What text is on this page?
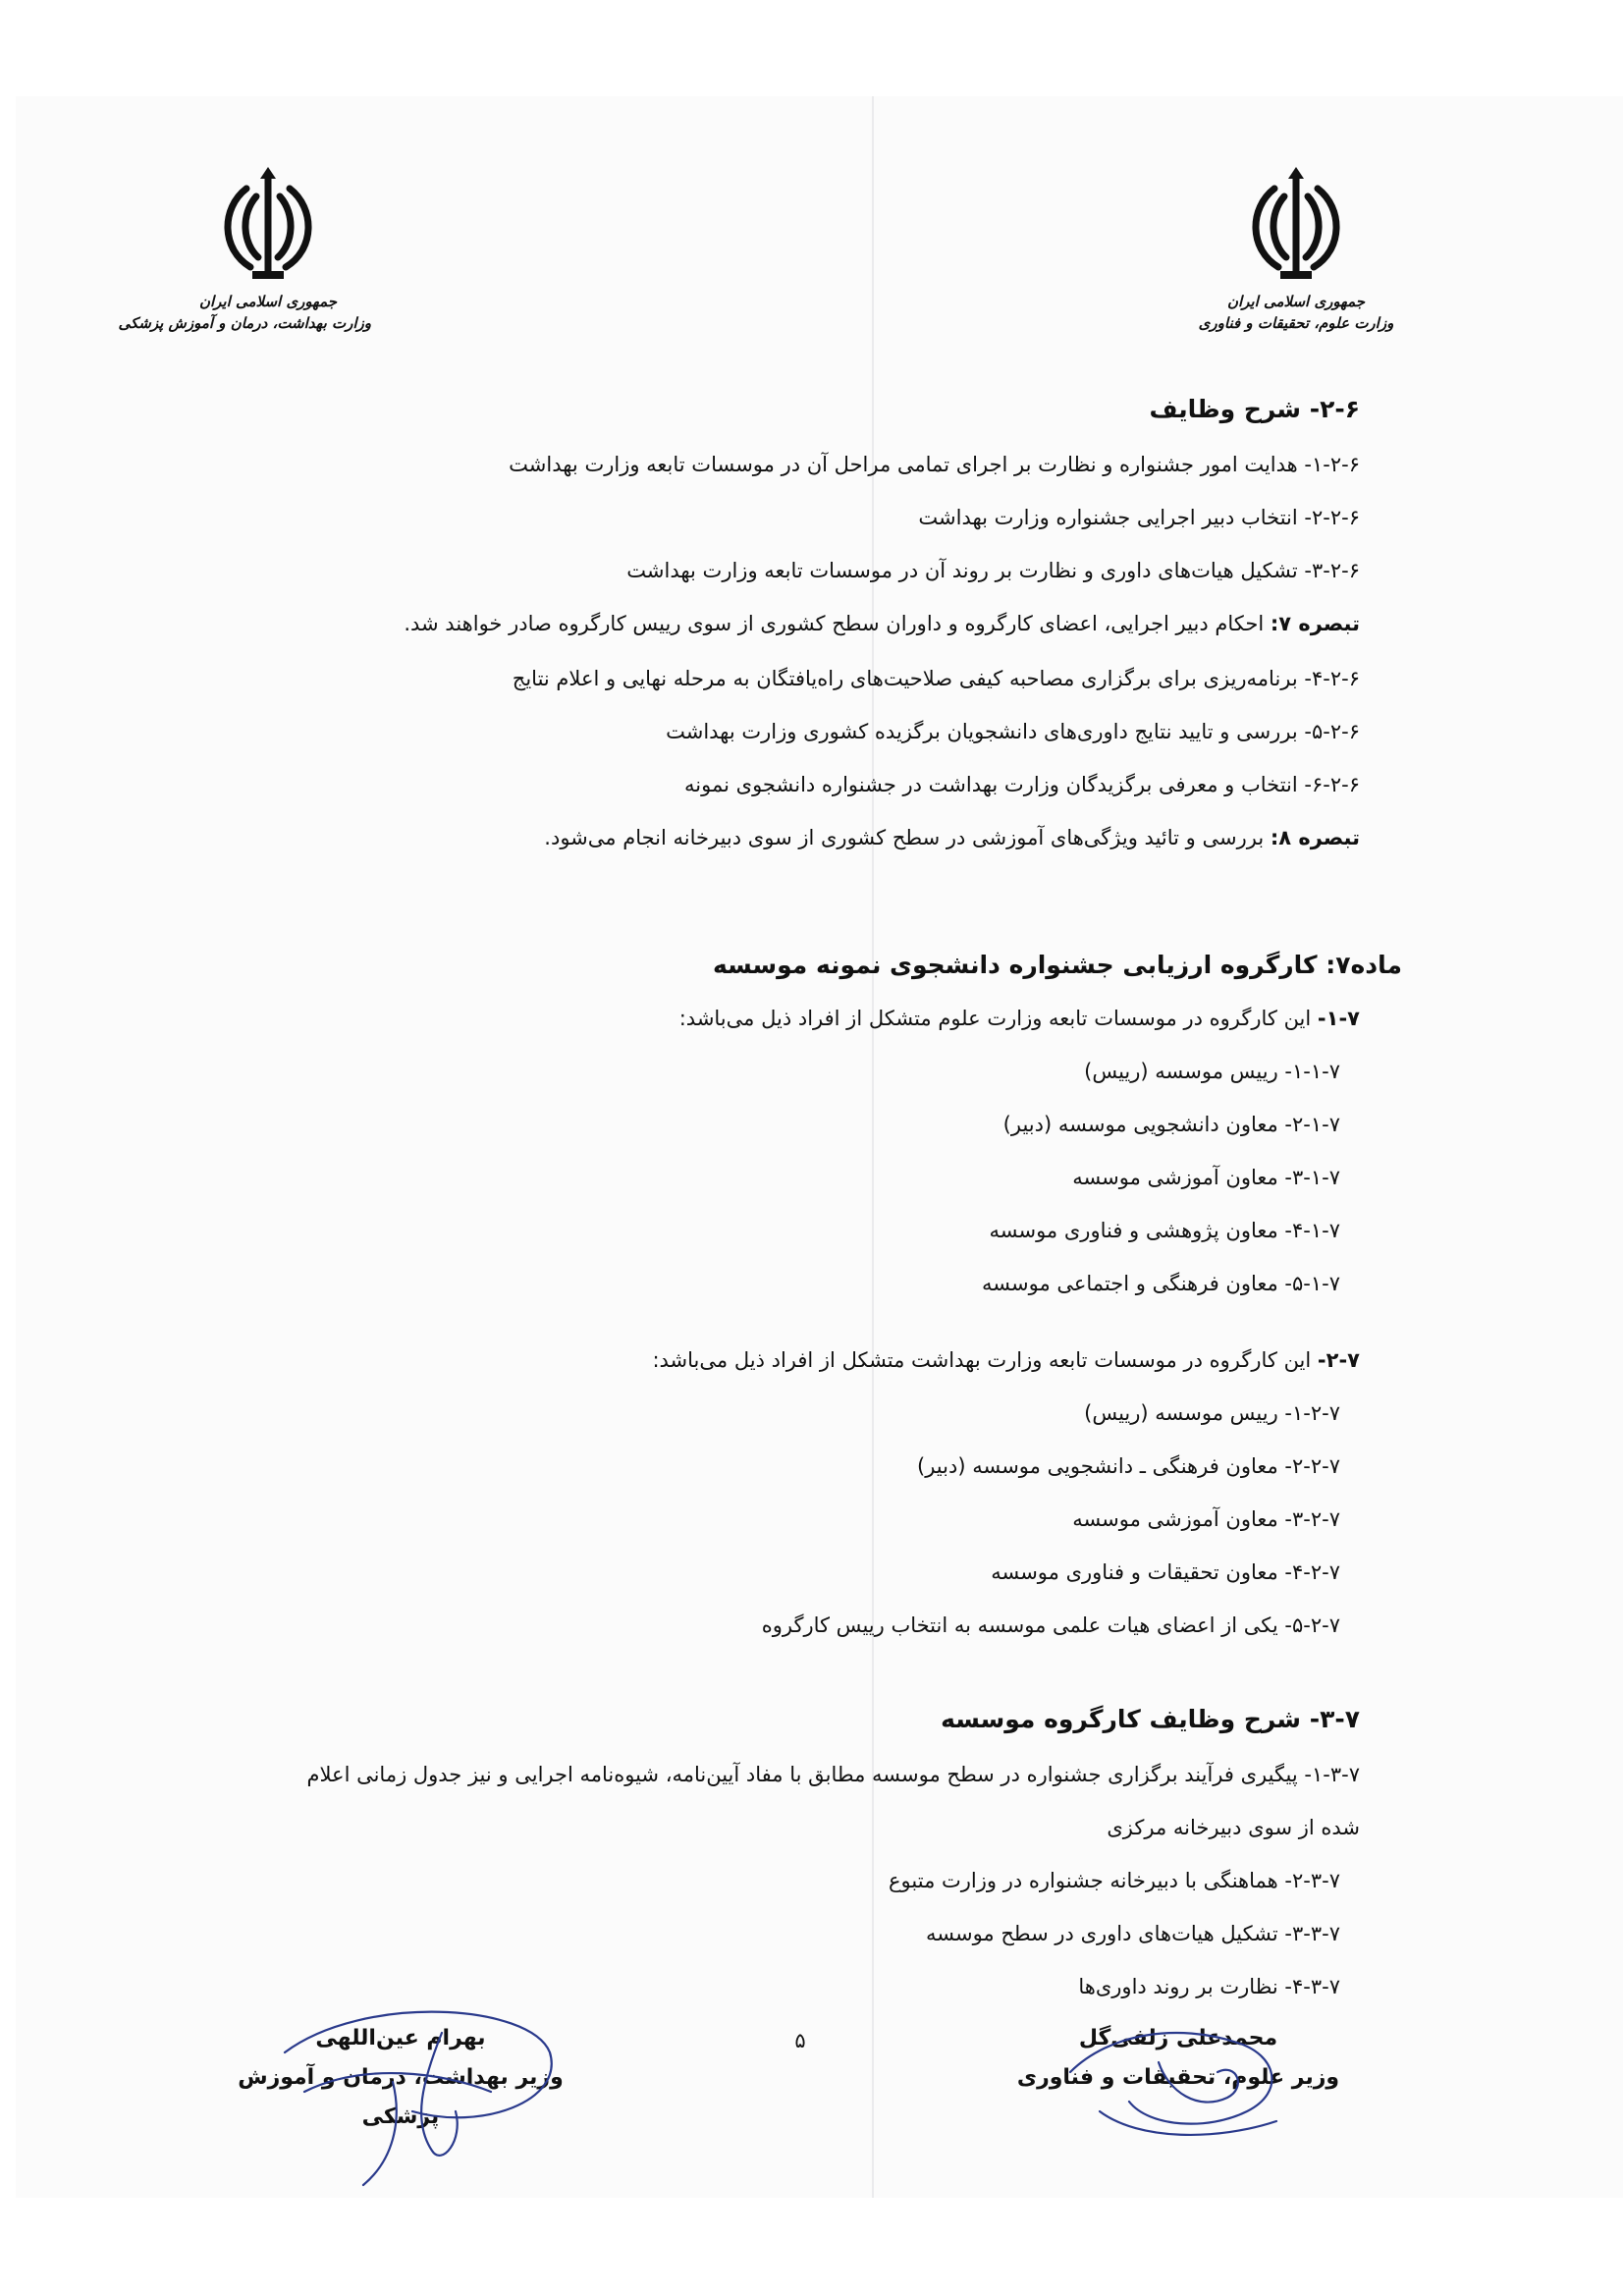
جمهوری اسلامی ایران
وزارت علوم، تحقیقات و فناوری
جمهوری اسلامی ایران
وزارت بهداشت، درمان و آموزش پزشکی
۲-۶- شرح وظایف
۱-۲-۶- هدایت امور جشنواره و نظارت بر اجرای تمامی مراحل آن در موسسات تابعه وزارت بهداشت
۲-۲-۶- انتخاب دبیر اجرایی جشنواره وزارت بهداشت
۳-۲-۶- تشکیل هیات‌های داوری و نظارت بر روند آن در موسسات تابعه وزارت بهداشت
تبصره ۷: احکام دبیر اجرایی، اعضای کارگروه و داوران سطح کشوری از سوی رییس کارگروه صادر خواهند شد.
۴-۲-۶- برنامه‌ریزی برای برگزاری مصاحبه کیفی صلاحیت‌های راه‌یافتگان به مرحله نهایی و اعلام نتایج
۵-۲-۶- بررسی و تایید نتایج داوری‌های دانشجویان برگزیده کشوری وزارت بهداشت
۶-۲-۶- انتخاب و معرفی برگزیدگان وزارت بهداشت در جشنواره دانشجوی نمونه
تبصره ۸: بررسی و تائید ویژگی‌های آموزشی در سطح کشوری از سوی دبیرخانه انجام می‌شود.
ماده۷: کارگروه ارزیابی جشنواره دانشجوی نمونه موسسه
۱-۷- این کارگروه در موسسات تابعه وزارت علوم متشکل از افراد ذیل می‌باشد:
۱-۱-۷- رییس موسسه (رییس)
۲-۱-۷- معاون دانشجویی موسسه (دبیر)
۳-۱-۷- معاون آموزشی موسسه
۴-۱-۷- معاون پژوهشی و فناوری موسسه
۵-۱-۷- معاون فرهنگی و اجتماعی موسسه
۲-۷- این کارگروه در موسسات تابعه وزارت بهداشت متشکل از افراد ذیل می‌باشد:
۱-۲-۷- رییس موسسه (رییس)
۲-۲-۷- معاون فرهنگی ـ دانشجویی موسسه (دبیر)
۳-۲-۷- معاون آموزشی موسسه
۴-۲-۷- معاون تحقیقات و فناوری موسسه
۵-۲-۷- یکی از اعضای هیات علمی موسسه به انتخاب رییس کارگروه
۳-۷- شرح وظایف کارگروه موسسه
۱-۳-۷- پیگیری فرآیند برگزاری جشنواره در سطح موسسه مطابق با مفاد آیین‌نامه، شیوه‌نامه اجرایی و نیز جدول زمانی اعلام
شده از سوی دبیرخانه مرکزی
۲-۳-۷- هماهنگی با دبیرخانه جشنواره در وزارت متبوع
۳-۳-۷- تشکیل هیات‌های داوری در سطح موسسه
۴-۳-۷- نظارت بر روند داوری‌ها
۵	محمدعلی زلفی‌گل
وزیر علوم، تحقیقات و فناوری
بهرام عین‌اللهی
وزیر بهداشت، درمان و آموزش پزشکی
